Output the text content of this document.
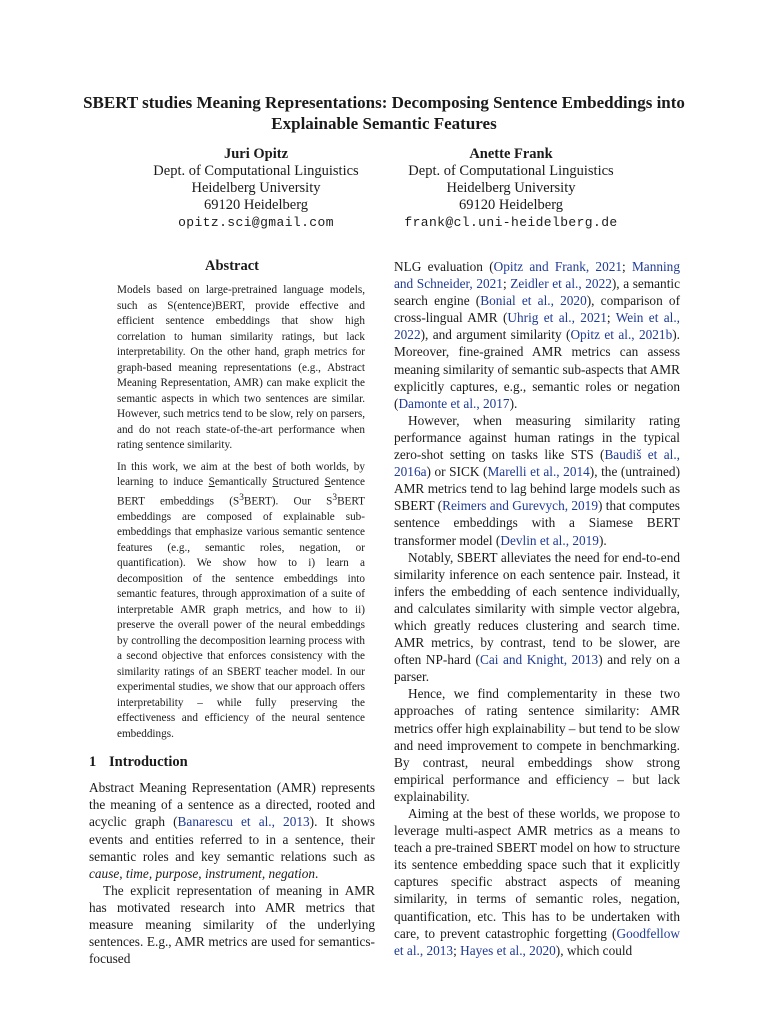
SBERT studies Meaning Representations: Decomposing Sentence Embeddings into Explainable Semantic Features
Juri Opitz
Dept. of Computational Linguistics
Heidelberg University
69120 Heidelberg
opitz.sci@gmail.com
Anette Frank
Dept. of Computational Linguistics
Heidelberg University
69120 Heidelberg
frank@cl.uni-heidelberg.de
Abstract

Models based on large-pretrained language models, such as S(entence)BERT, provide effective and efficient sentence embeddings that show high correlation to human similarity ratings, but lack interpretability. On the other hand, graph metrics for graph-based meaning representations (e.g., Abstract Meaning Representation, AMR) can make explicit the semantic aspects in which two sentences are similar. However, such metrics tend to be slow, rely on parsers, and do not reach state-of-the-art performance when rating sentence similarity.

In this work, we aim at the best of both worlds, by learning to induce Semantically Structured Sentence BERT embeddings $(S^3BERT)$. Our $S^3BERT$ embeddings are composed of explainable sub-embeddings that emphasize various semantic sentence features (e.g., semantic roles, negation, or quantification). We show how to i) learn a decomposition of the sentence embeddings into semantic features, through approximation of a suite of interpretable AMR graph metrics, and how to ii) preserve the overall power of the neural embeddings by controlling the decomposition learning process with a second objective that enforces consistency with the similarity ratings of an SBERT teacher model. In our experimental studies, we show that our approach offers interpretability – while fully preserving the effectiveness and efficiency of the neural sentence embeddings.

1 Introduction

Abstract Meaning Representation (AMR) represents the meaning of a sentence as a directed, rooted and acyclic graph (Banarescu et al., 2013). It shows events and entities referred to in a sentence, their semantic roles and key semantic relations such as cause, time, purpose, instrument, negation.

The explicit representation of meaning in AMR has motivated research into AMR metrics that measure meaning similarity of the underlying sentences. E.g., AMR metrics are used for semantics-focused

NLG evaluation (Opitz and Frank, 2021; Manning and Schneider, 2021; Zeidler et al., 2022), a semantic search engine (Bonial et al., 2020), comparison of cross-lingual AMR (Uhrig et al., 2021; Wein et al., 2022), and argument similarity (Opitz et al., 2021b). Moreover, fine-grained AMR metrics can assess meaning similarity of semantic sub-aspects that AMR explicitly captures, e.g., semantic roles or negation (Damonte et al., 2017).

However, when measuring similarity rating performance against human ratings in the typical zero-shot setting on tasks like STS (Baudiš et al., 2016a) or SICK (Marelli et al., 2014), the (untrained) AMR metrics tend to lag behind large models such as SBERT (Reimers and Gurevych, 2019) that computes sentence embeddings with a Siamese BERT transformer model (Devlin et al., 2019).

Notably, SBERT alleviates the need for end-to-end similarity inference on each sentence pair. Instead, it infers the embedding of each sentence individually, and calculates similarity with simple vector algebra, which greatly reduces clustering and search time. AMR metrics, by contrast, tend to be slower, are often NP-hard (Cai and Knight, 2013) and rely on a parser.

Hence, we find complementarity in these two approaches of rating sentence similarity: AMR metrics offer high explainability – but tend to be slow and need improvement to compete in benchmarking. By contrast, neural embeddings show strong empirical performance and efficiency – but lack explainability.

Aiming at the best of these worlds, we propose to leverage multi-aspect AMR metrics as a means to teach a pre-trained SBERT model on how to structure its sentence embedding space such that it explicitly captures specific abstract aspects of meaning similarity, in terms of semantic roles, negation, quantification, etc. This has to be undertaken with care, to prevent catastrophic forgetting (Goodfellow et al., 2013; Hayes et al., 2020), which could
